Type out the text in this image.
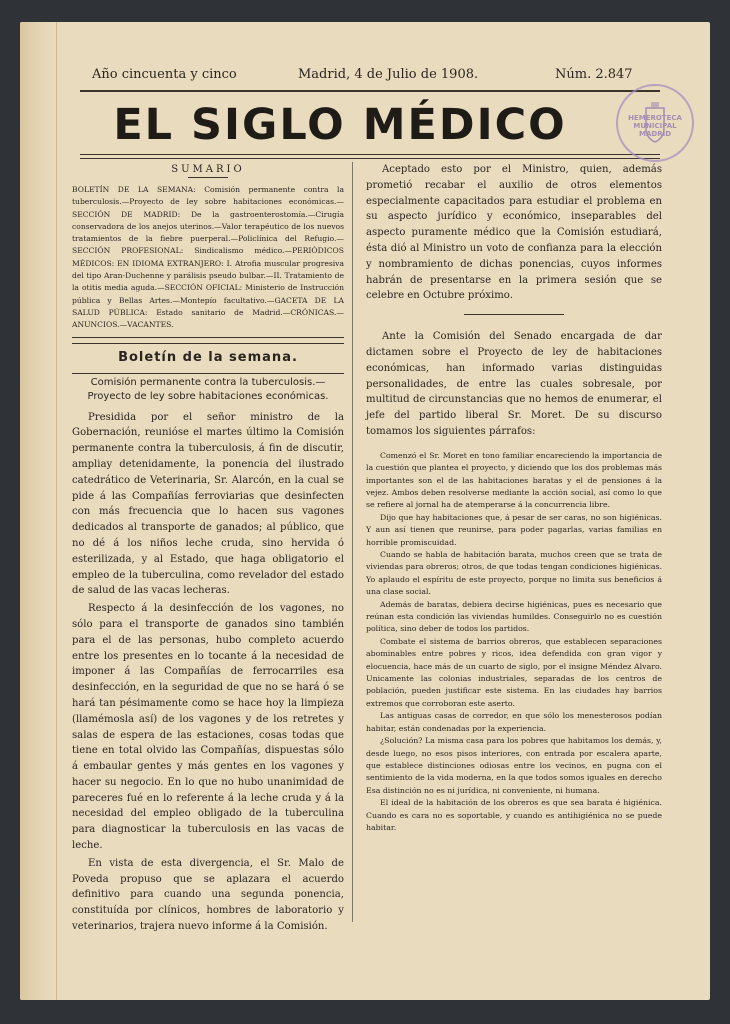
Año cincuenta y cinco	Madrid, 4 de Julio de 1908.	Núm. 2.847
EL SIGLO MÉDICO	HEMEROTECA MUNICIPAL MADRID
SUMARIO
BOLETÍN DE LA SEMANA: Comisión permanente contra la tuberculosis.—Proyecto de ley sobre habitaciones económicas.—SECCIÓN DE MADRID: De la gastroenterostomía.—Cirugía conservadora de los anejos uterinos.—Valor terapéutico de los nuevos tratamientos de la fiebre puerperal.—Policlínica del Refugio.—SECCIÓN PROFESIONAL: Sindicalismo médico.—PERIÓDICOS MÉDICOS: EN IDIOMA EXTRANJERO: I. Atrofia muscular progresiva del tipo Aran-Duchenne y parálisis pseudo bulbar.—II. Tratamiento de la otitis media aguda.—SECCIÓN OFICIAL: Ministerio de Instrucción pública y Bellas Artes.—Montepío facultativo.—GACETA DE LA SALUD PÚBLICA: Estado sanitario de Madrid.—CRÓNICAS.—ANUNCIOS.—VACANTES.
Boletín de la semana.
Comisión permanente contra la tuberculosis.—Proyecto de ley sobre habitaciones económicas.

Presidida por el señor ministro de la Gobernación, reunióse el martes último la Comisión permanente contra la tuberculosis, á fin de discutir, ampliay detenidamente, la ponencia del ilustrado catedrático de Veterinaria, Sr. Alarcón, en la cual se pide á las Compañías ferroviarias que desinfecten con más frecuencia que lo hacen sus vagones dedicados al transporte de ganados; al público, que no dé á los niños leche cruda, sino hervida ó esterilizada, y al Estado, que haga obligatorio el empleo de la tuberculina, como revelador del estado de salud de las vacas lecheras.

Respecto á la desinfección de los vagones, no sólo para el transporte de ganados sino también para el de las personas, hubo completo acuerdo entre los presentes en lo tocante á la necesidad de imponer á las Compañías de ferrocarriles esa desinfección, en la seguridad de que no se hará ó se hará tan pésimamente como se hace hoy la limpieza (llamémosla así) de los vagones y de los retretes y salas de espera de las estaciones, cosas todas que tiene en total olvido las Compañías, dispuestas sólo á embaular gentes y más gentes en los vagones y hacer su negocio. En lo que no hubo unanimidad de pareceres fué en lo referente á la leche cruda y á la necesidad del empleo obligado de la tuberculina para diagnosticar la tuberculosis en las vacas de leche.

En vista de esta divergencia, el Sr. Malo de Poveda propuso que se aplazara el acuerdo definitivo para cuando una segunda ponencia, constituída por clínicos, hombres de laboratorio y veterinarios, trajera nuevo informe á la Comisión.

Aceptado esto por el Ministro, quien, además prometió recabar el auxilio de otros elementos especialmente capacitados para estudiar el problema en su aspecto jurídico y económico, inseparables del aspecto puramente médico que la Comisión estudiará, ésta dió al Ministro un voto de confianza para la elección y nombramiento de dichas ponencias, cuyos informes habrán de presentarse en la primera sesión que se celebre en Octubre próximo.

Ante la Comisión del Senado encargada de dar dictamen sobre el Proyecto de ley de habitaciones económicas, han informado varias distinguidas personalidades, de entre las cuales sobresale, por multitud de circunstancias que no hemos de enumerar, el jefe del partido liberal Sr. Moret. De su discurso tomamos los siguientes párrafos:

Comenzó el Sr. Moret en tono familiar encareciendo la importancia de la cuestión que plantea el proyecto, y diciendo que los dos problemas más importantes son el de las habitaciones baratas y el de pensiones á la vejez. Ambos deben resolverse mediante la acción social, así como lo que se refiere al jornal ha de atemperarse á la concurrencia libre.

Dijo que hay habitaciones que, á pesar de ser caras, no son higiénicas. Y aun así tienen que reunirse, para poder pagarlas, varias familias en horrible promiscuidad.

Cuando se habla de habitación barata, muchos creen que se trata de viviendas para obreros; otros, de que todas tengan condiciones higiénicas. Yo aplaudo el espíritu de este proyecto, porque no limita sus beneficios á una clase social.

Además de baratas, debiera decirse higiénicas, pues es necesario que reúnan esta condición las viviendas humildes. Conseguirlo no es cuestión política, sino deber de todos los partidos.

Combate el sistema de barrios obreros, que establecen separaciones abominables entre pobres y ricos, idea defendida con gran vigor y elocuencia, hace más de un cuarto de siglo, por el insigne Méndez Alvaro. Unicamente las colonias industriales, separadas de los centros de población, pueden justificar este sistema. En las ciudades hay barrios extremos que corroboran este aserto.

Las antiguas casas de corredor, en que sólo los menesterosos podían habitar, están condenadas por la experiencia.

¿Solución? La misma casa para los pobres que habitamos los demás, y, desde luego, no esos pisos interiores, con entrada por escalera aparte, que establece distinciones odiosas entre los vecinos, en pugna con el sentimiento de la vida moderna, en la que todos somos iguales en derecho Esa distinción no es ni jurídica, ni conveniente, ni humana.

El ideal de la habitación de los obreros es que sea barata é higiénica. Cuando es cara no es soportable, y cuando es antihigiénica no se puede habitar.
